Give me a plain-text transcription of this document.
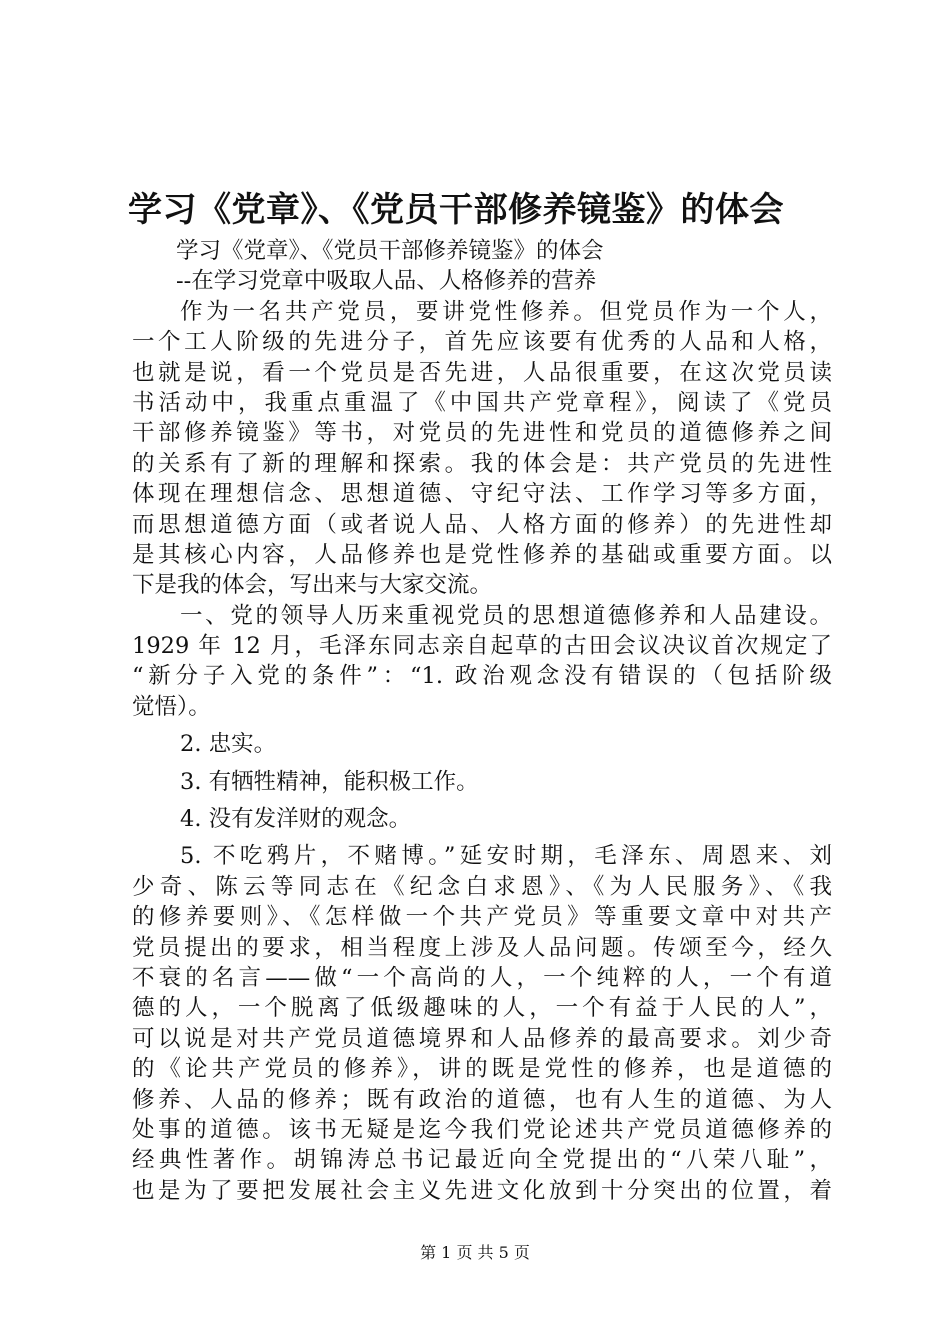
学习《党章》、《党员干部修养镜鉴》的体会
学习《党章》、《党员干部修养镜鉴》的体会
--在学习党章中吸取人品、人格修养的营养
作为一名共产党员，要讲党性修养。但党员作为一个人，
一个工人阶级的先进分子，首先应该要有优秀的人品和人格，
也就是说，看一个党员是否先进，人品很重要，在这次党员读
书活动中，我重点重温了《中国共产党章程》，阅读了《党员
干部修养镜鉴》等书，对党员的先进性和党员的道德修养之间
的关系有了新的理解和探索。我的体会是：共产党员的先进性
体现在理想信念、思想道德、守纪守法、工作学习等多方面，
而思想道德方面（或者说人品、人格方面的修养）的先进性却
是其核心内容，人品修养也是党性修养的基础或重要方面。以
下是我的体会，写出来与大家交流。
一、党的领导人历来重视党员的思想道德修养和人品建设。
1929 年 12 月，毛泽东同志亲自起草的古田会议决议首次规定了
“新分子入党的条件”：“1. 政治观念没有错误的（包括阶级
觉悟）。
2. 忠实。
3. 有牺牲精神，能积极工作。
4. 没有发洋财的观念。
5. 不吃鸦片，不赌博。”延安时期，毛泽东、周恩来、刘
少奇、陈云等同志在《纪念白求恩》、《为人民服务》、《我
的修养要则》、《怎样做一个共产党员》等重要文章中对共产
党员提出的要求，相当程度上涉及人品问题。传颂至今，经久
不衰的名言——做“一个高尚的人，一个纯粹的人，一个有道
德的人，一个脱离了低级趣味的人，一个有益于人民的人”，
可以说是对共产党员道德境界和人品修养的最高要求。刘少奇
的《论共产党员的修养》，讲的既是党性的修养，也是道德的
修养、人品的修养；既有政治的道德，也有人生的道德、为人
处事的道德。该书无疑是迄今我们党论述共产党员道德修养的
经典性著作。胡锦涛总书记最近向全党提出的“八荣八耻”，
也是为了要把发展社会主义先进文化放到十分突出的位置，着
第 1 页 共 5 页
